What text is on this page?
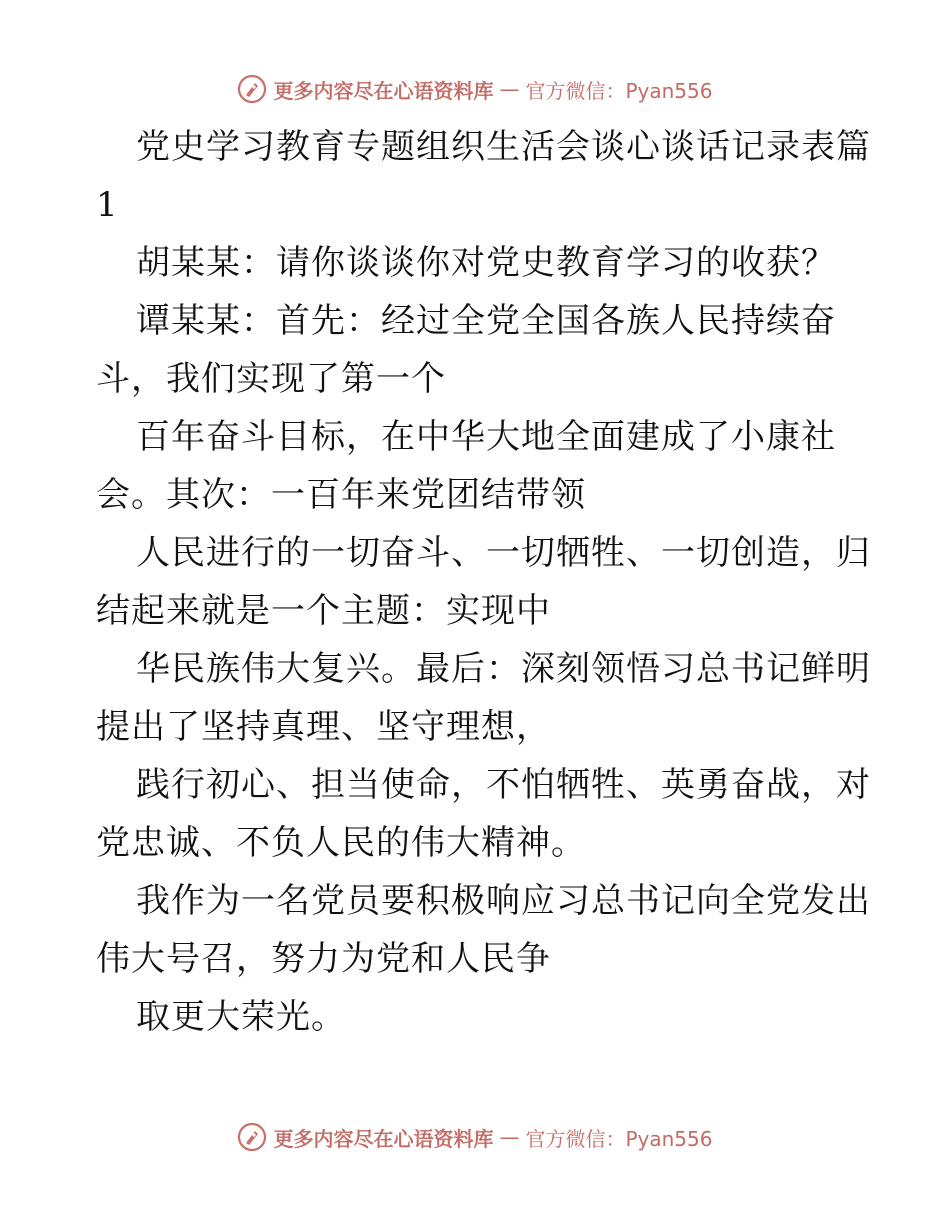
更多内容尽在心语资料库 — 官方微信：Pyan556
党史学习教育专题组织生活会谈心谈话记录表篇
1
胡某某：请你谈谈你对党史教育学习的收获？
谭某某：首先：经过全党全国各族人民持续奋
斗，我们实现了第一个
百年奋斗目标，在中华大地全面建成了小康社
会。其次：一百年来党团结带领
人民进行的一切奋斗、一切牺牲、一切创造，归
结起来就是一个主题：实现中
华民族伟大复兴。最后：深刻领悟习总书记鲜明
提出了坚持真理、坚守理想，
践行初心、担当使命，不怕牺牲、英勇奋战，对
党忠诚、不负人民的伟大精神。
我作为一名党员要积极响应习总书记向全党发出
伟大号召，努力为党和人民争
取更大荣光。
更多内容尽在心语资料库 — 官方微信：Pyan556
